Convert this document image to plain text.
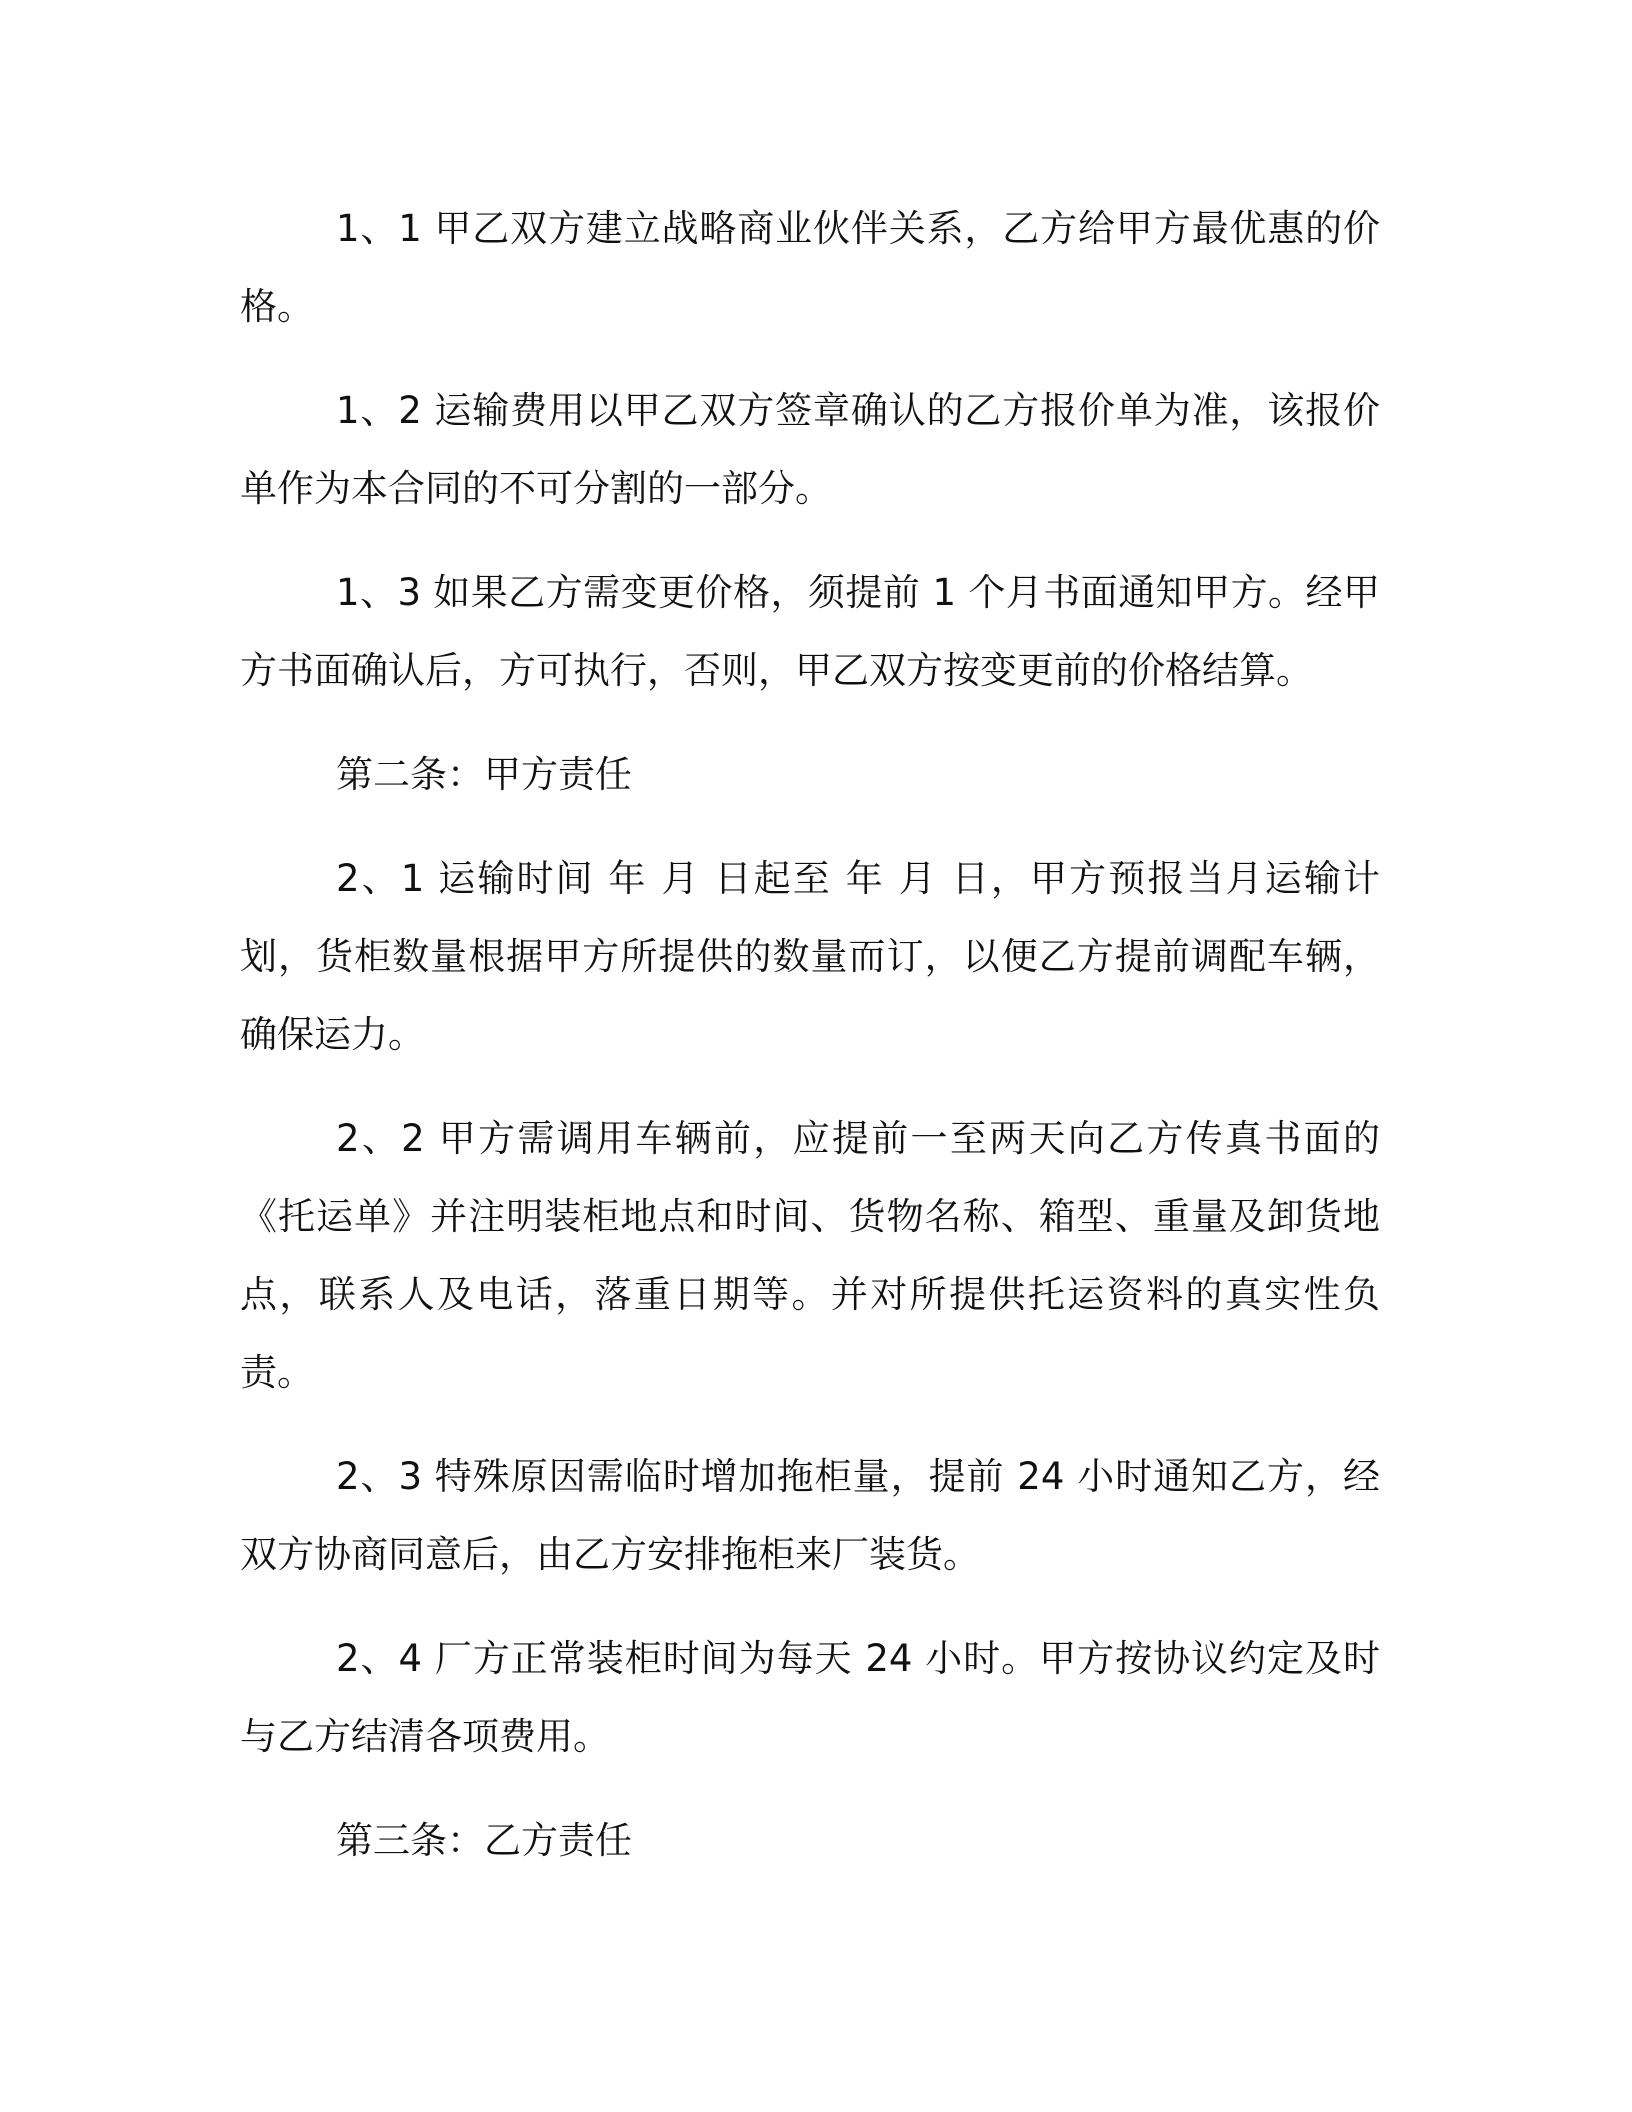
1、1 甲乙双方建立战略商业伙伴关系，乙方给甲方最优惠的价格。

1、2 运输费用以甲乙双方签章确认的乙方报价单为准，该报价单作为本合同的不可分割的一部分。

1、3 如果乙方需变更价格，须提前 1 个月书面通知甲方。经甲方书面确认后，方可执行，否则，甲乙双方按变更前的价格结算。

第二条：甲方责任

2、1 运输时间 年 月 日起至 年 月 日，甲方预报当月运输计划，货柜数量根据甲方所提供的数量而订，以便乙方提前调配车辆，确保运力。

2、2 甲方需调用车辆前，应提前一至两天向乙方传真书面的《托运单》并注明装柜地点和时间、货物名称、箱型、重量及卸货地点，联系人及电话，落重日期等。并对所提供托运资料的真实性负责。

2、3 特殊原因需临时增加拖柜量，提前 24 小时通知乙方，经双方协商同意后，由乙方安排拖柜来厂装货。

2、4 厂方正常装柜时间为每天 24 小时。甲方按协议约定及时与乙方结清各项费用。

第三条：乙方责任
